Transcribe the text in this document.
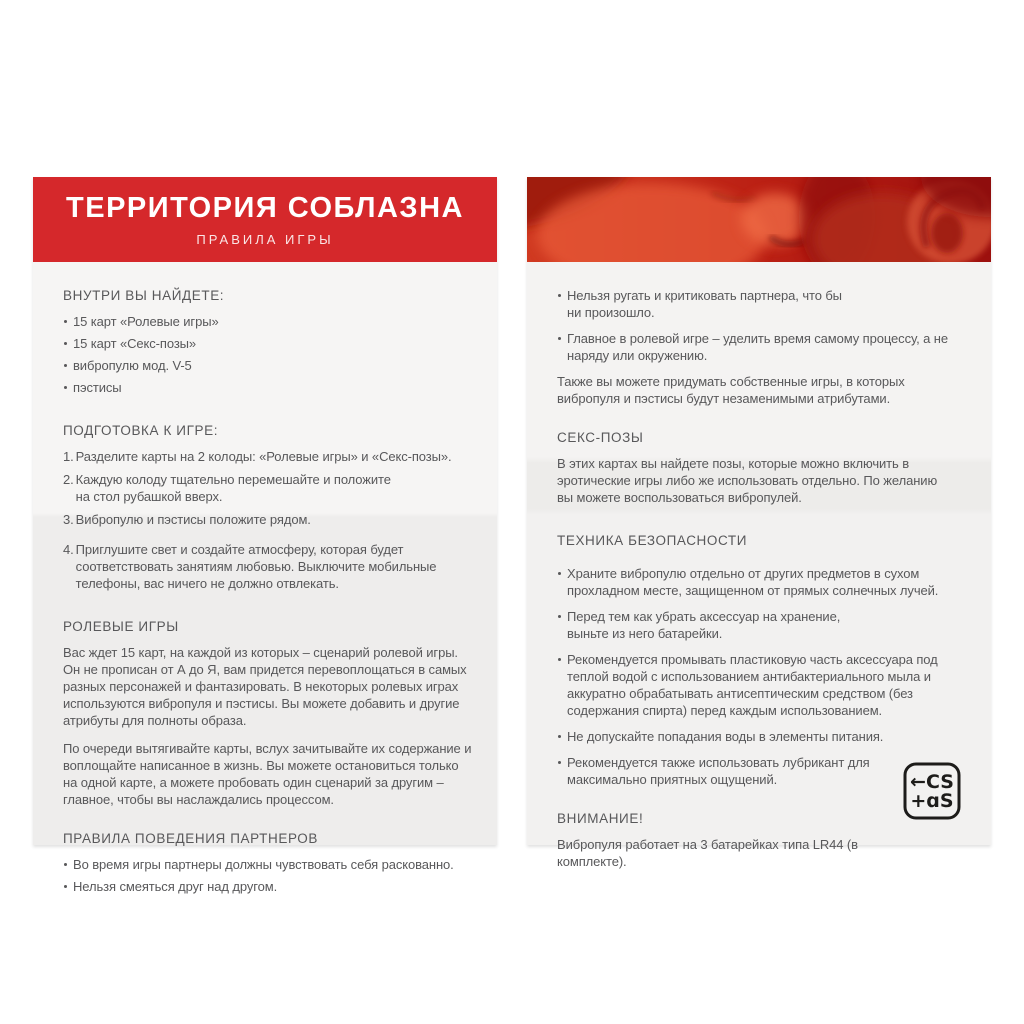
ТЕРРИТОРИЯ СОБЛАЗНА
ПРАВИЛА ИГРЫ
ВНУТРИ ВЫ НАЙДЕТЕ:
15 карт «Ролевые игры»
15 карт «Секс-позы»
вибропулю мод. V-5
пэстисы
ПОДГОТОВКА К ИГРЕ:
1. Разделите карты на 2 колоды: «Ролевые игры» и «Секс-позы».
2. Каждую колоду тщательно перемешайте и положите на стол рубашкой вверх.
3. Вибропулю и пэстисы положите рядом.
4. Приглушите свет и создайте атмосферу, которая будет соответствовать занятиям любовью. Выключите мобильные телефоны, вас ничего не должно отвлекать.
РОЛЕВЫЕ ИГРЫ

Вас ждет 15 карт, на каждой из которых – сценарий ролевой игры. Он не прописан от А до Я, вам придется перевоплощаться в самых разных персонажей и фантазировать. В некоторых ролевых играх используются вибропуля и пэстисы. Вы можете добавить и другие атрибуты для полноты образа.

По очереди вытягивайте карты, вслух зачитывайте их содержание и воплощайте написанное в жизнь. Вы можете остановиться только на одной карте, а можете пробовать один сценарий за другим – главное, чтобы вы наслаждались процессом.

ПРАВИЛА ПОВЕДЕНИЯ ПАРТНЕРОВ
Во время игры партнеры должны чувствовать себя раскованно.
Нельзя смеяться друг над другом.
Нельзя ругать и критиковать партнера, что бы ни произошло.
Главное в ролевой игре – уделить время самому процессу, а не наряду или окружению.

Также вы можете придумать собственные игры, в которых вибропуля и пэстисы будут незаменимыми атрибутами.

СЕКС-ПОЗЫ

В этих картах вы найдете позы, которые можно включить в эротические игры либо же использовать отдельно. По желанию вы можете воспользоваться вибропулей.

ТЕХНИКА БЕЗОПАСНОСТИ
Храните вибропулю отдельно от других предметов в сухом прохладном месте, защищенном от прямых солнечных лучей.
Перед тем как убрать аксессуар на хранение, выньте из него батарейки.
Рекомендуется промывать пластиковую часть аксессуара под теплой водой с использованием антибактериального мыла и аккуратно обрабатывать антисептическим средством (без содержания спирта) перед каждым использованием.
Не допускайте попадания воды в элементы питания.
Рекомендуется также использовать лубрикант для максимально приятных ощущений.
ВНИМАНИЕ!

Вибропуля работает на 3 батарейках типа LR44 (в комплекте).

←CS
+ɑS
